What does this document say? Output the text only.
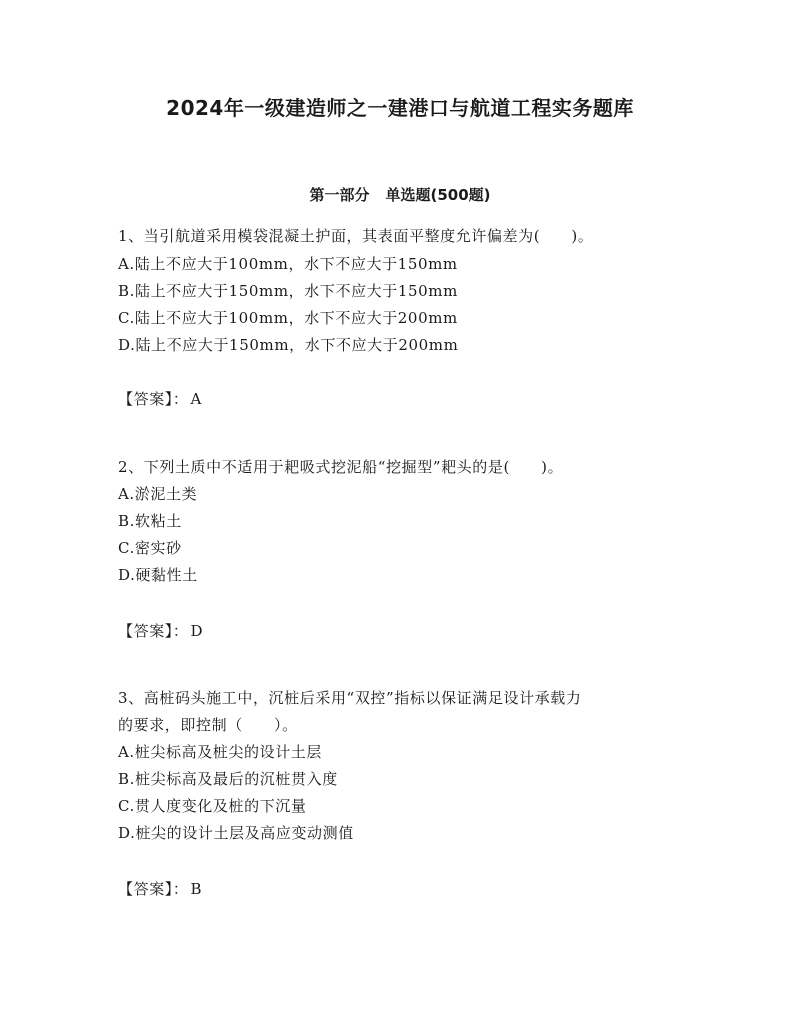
2024年一级建造师之一建港口与航道工程实务题库
第一部分 单选题(500题)
1、当引航道采用模袋混凝土护面，其表面平整度允许偏差为(　　)。
A.陆上不应大于100mm，水下不应大于150mm
B.陆上不应大于150mm，水下不应大于150mm
C.陆上不应大于100mm，水下不应大于200mm
D.陆上不应大于150mm，水下不应大于200mm
【答案】： A
2、下列土质中不适用于耙吸式挖泥船“挖掘型”耙头的是(　　)。
A.淤泥土类
B.软粘土
C.密实砂
D.硬黏性土
【答案】： D
3、高桩码头施工中，沉桩后采用“双控”指标以保证满足设计承载力
的要求，即控制（　　）。
A.桩尖标高及桩尖的设计土层
B.桩尖标高及最后的沉桩贯入度
C.贯人度变化及桩的下沉量
D.桩尖的设计土层及高应变动测值
【答案】： B
